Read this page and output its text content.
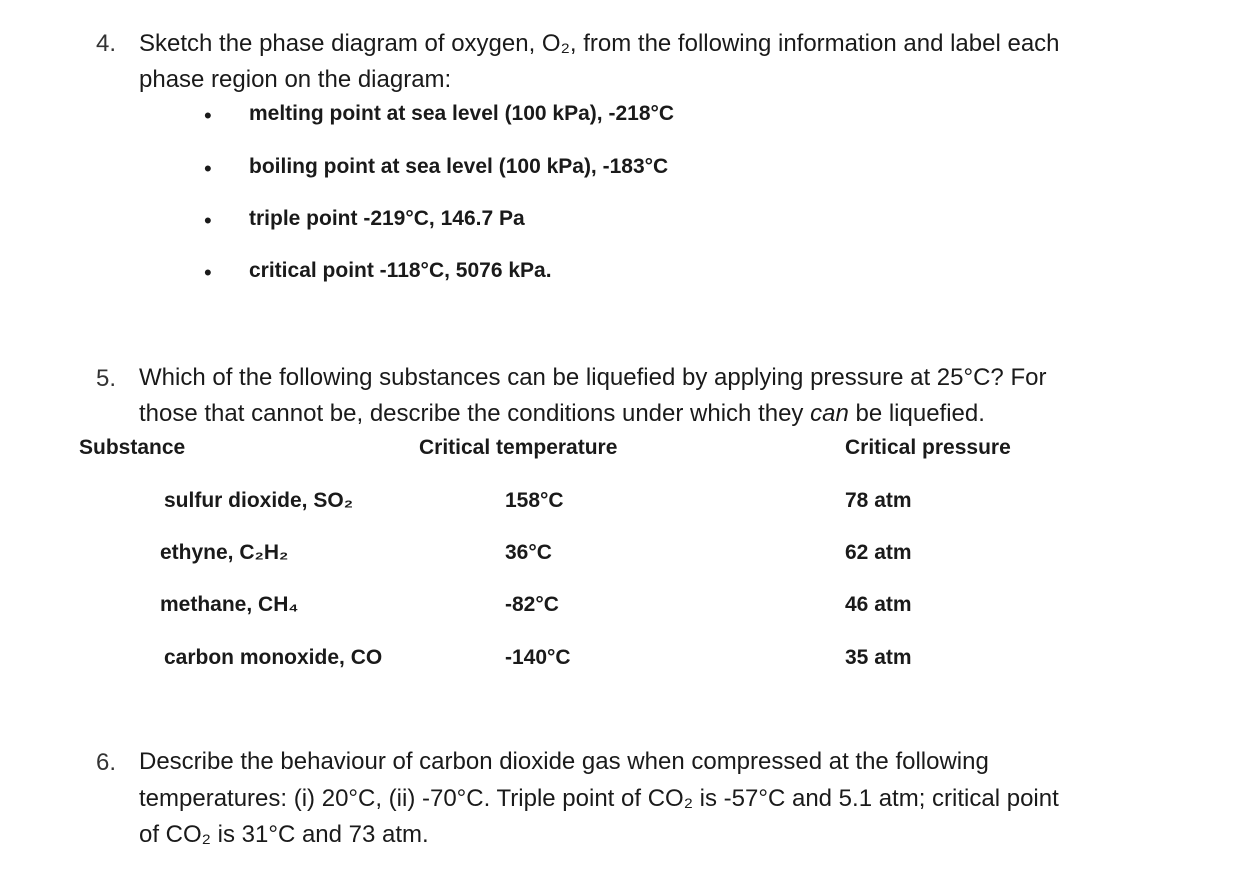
4. Sketch the phase diagram of oxygen, O₂, from the following information and label each
phase region on the diagram:
• melting point at sea level (100 kPa), -218°C
• boiling point at sea level (100 kPa), -183°C
• triple point -219°C, 146.7 Pa
• critical point -118°C, 5076 kPa.
5. Which of the following substances can be liquefied by applying pressure at 25°C? For
those that cannot be, describe the conditions under which they can be liquefied.
Substance	Critical temperature	Critical pressure
sulfur dioxide, SO₂	158°C	78 atm
ethyne, C₂H₂	36°C	62 atm
methane, CH₄	-82°C	46 atm
carbon monoxide, CO	-140°C	35 atm
6. Describe the behaviour of carbon dioxide gas when compressed at the following
temperatures: (i) 20°C, (ii) -70°C. Triple point of CO₂ is -57°C and 5.1 atm; critical point
of CO₂ is 31°C and 73 atm.
